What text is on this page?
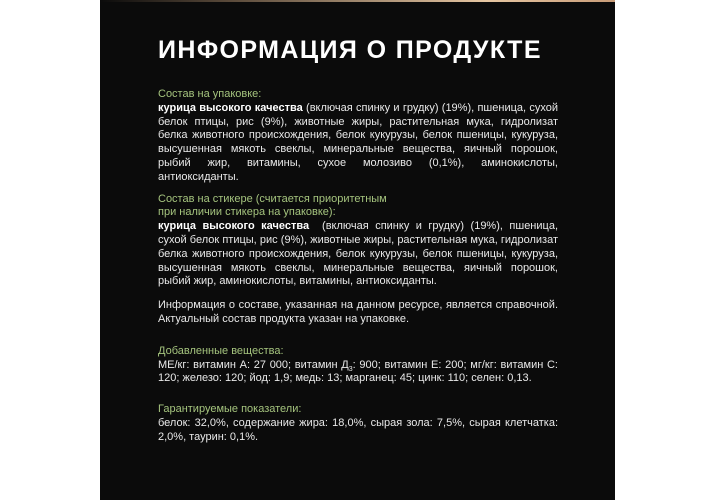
ИНФОРМАЦИЯ О ПРОДУКТЕ
Состав на упаковке:
курица высокого качества (включая спинку и грудку) (19%), пшеница, сухой белок птицы, рис (9%), животные жиры, растительная мука, гидролизат белка животного происхождения, белок кукурузы, белок пшеницы, кукуруза, высушенная мякоть свеклы, минеральные вещества, яичный порошок, рыбий жир, витамины, сухое молозиво (0,1%), аминокислоты, антиоксиданты.
Состав на стикере (считается приоритетным
при наличии стикера на упаковке):
курица высокого качества  (включая спинку и грудку) (19%), пшеница, сухой белок птицы, рис (9%), животные жиры, растительная мука, гидролизат белка животного происхождения, белок кукурузы, белок пшеницы, кукуруза, высушенная мякоть свеклы, минеральные вещества, яичный порошок, рыбий жир, аминокислоты, витамины, антиоксиданты.
Информация о составе, указанная на данном ресурсе, является справочной. Актуальный состав продукта указан на упаковке.
Добавленные вещества:
МЕ/кг: витамин А: 27 000; витамин $Д_3$: 900; витамин Е: 200; мг/кг: витамин С: 120; железо: 120; йод: 1,9; медь: 13; марганец: 45; цинк: 110; селен: 0,13.
Гарантируемые показатели:
белок: 32,0%, содержание жира: 18,0%, сырая зола: 7,5%, сырая клетчатка: 2,0%, таурин: 0,1%.
